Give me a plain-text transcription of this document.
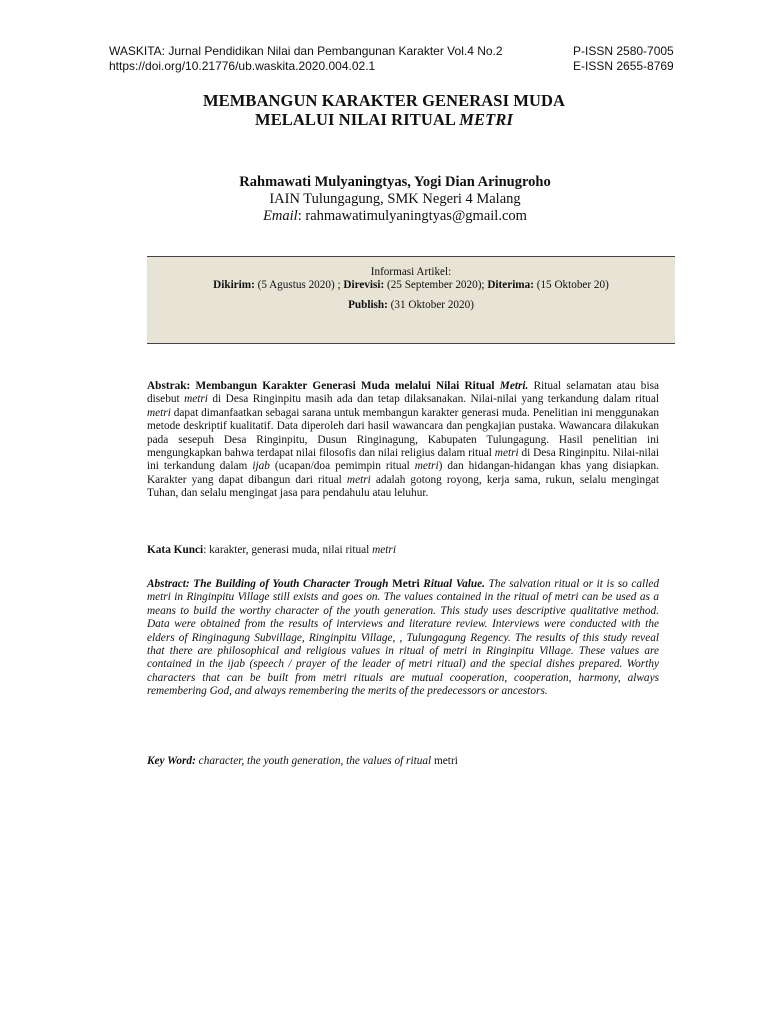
WASKITA: Jurnal Pendidikan Nilai dan Pembangunan Karakter Vol.4 No.2	P-ISSN 2580-7005
https://doi.org/10.21776/ub.waskita.2020.004.02.1	E-ISSN 2655-8769
MEMBANGUN KARAKTER GENERASI MUDA
MELALUI NILAI RITUAL METRI
Rahmawati Mulyaningtyas, Yogi Dian Arinugroho
IAIN Tulungagung, SMK Negeri 4 Malang
Email: rahmawatimulyaningtyas@gmail.com
Informasi Artikel:
Dikirim: (5 Agustus 2020) ; Direvisi: (25 September 2020); Diterima: (15 Oktober 20)
Publish: (31 Oktober 2020)
Abstrak: Membangun Karakter Generasi Muda melalui Nilai Ritual Metri. Ritual selamatan atau bisa disebut metri di Desa Ringinpitu masih ada dan tetap dilaksanakan. Nilai-nilai yang terkandung dalam ritual metri dapat dimanfaatkan sebagai sarana untuk membangun karakter generasi muda. Penelitian ini menggunakan metode deskriptif kualitatif. Data diperoleh dari hasil wawancara dan pengkajian pustaka. Wawancara dilakukan pada sesepuh Desa Ringinpitu, Dusun Ringinagung, Kabupaten Tulungagung. Hasil penelitian ini mengungkapkan bahwa terdapat nilai filosofis dan nilai religius dalam ritual metri di Desa Ringinpitu. Nilai-nilai ini terkandung dalam ijab (ucapan/doa pemimpin ritual metri) dan hidangan-hidangan khas yang disiapkan. Karakter yang dapat dibangun dari ritual metri adalah gotong royong, kerja sama, rukun, selalu mengingat Tuhan, dan selalu mengingat jasa para pendahulu atau leluhur.
Kata Kunci: karakter, generasi muda, nilai ritual metri
Abstract: The Building of Youth Character Trough Metri Ritual Value. The salvation ritual or it is so called metri in Ringinpitu Village still exists and goes on. The values contained in the ritual of metri can be used as a means to build the worthy character of the youth generation. This study uses descriptive qualitative method. Data were obtained from the results of interviews and literature review. Interviews were conducted with the elders of Ringinagung Subvillage, Ringinpitu Village, , Tulungagung Regency. The results of this study reveal that there are philosophical and religious values in ritual of metri in Ringinpitu Village. These values are contained in the ijab (speech / prayer of the leader of metri ritual) and the special dishes prepared. Worthy characters that can be built from metri rituals are mutual cooperation, cooperation, harmony, always remembering God, and always remembering the merits of the predecessors or ancestors.
Key Word: character, the youth generation, the values of ritual metri
